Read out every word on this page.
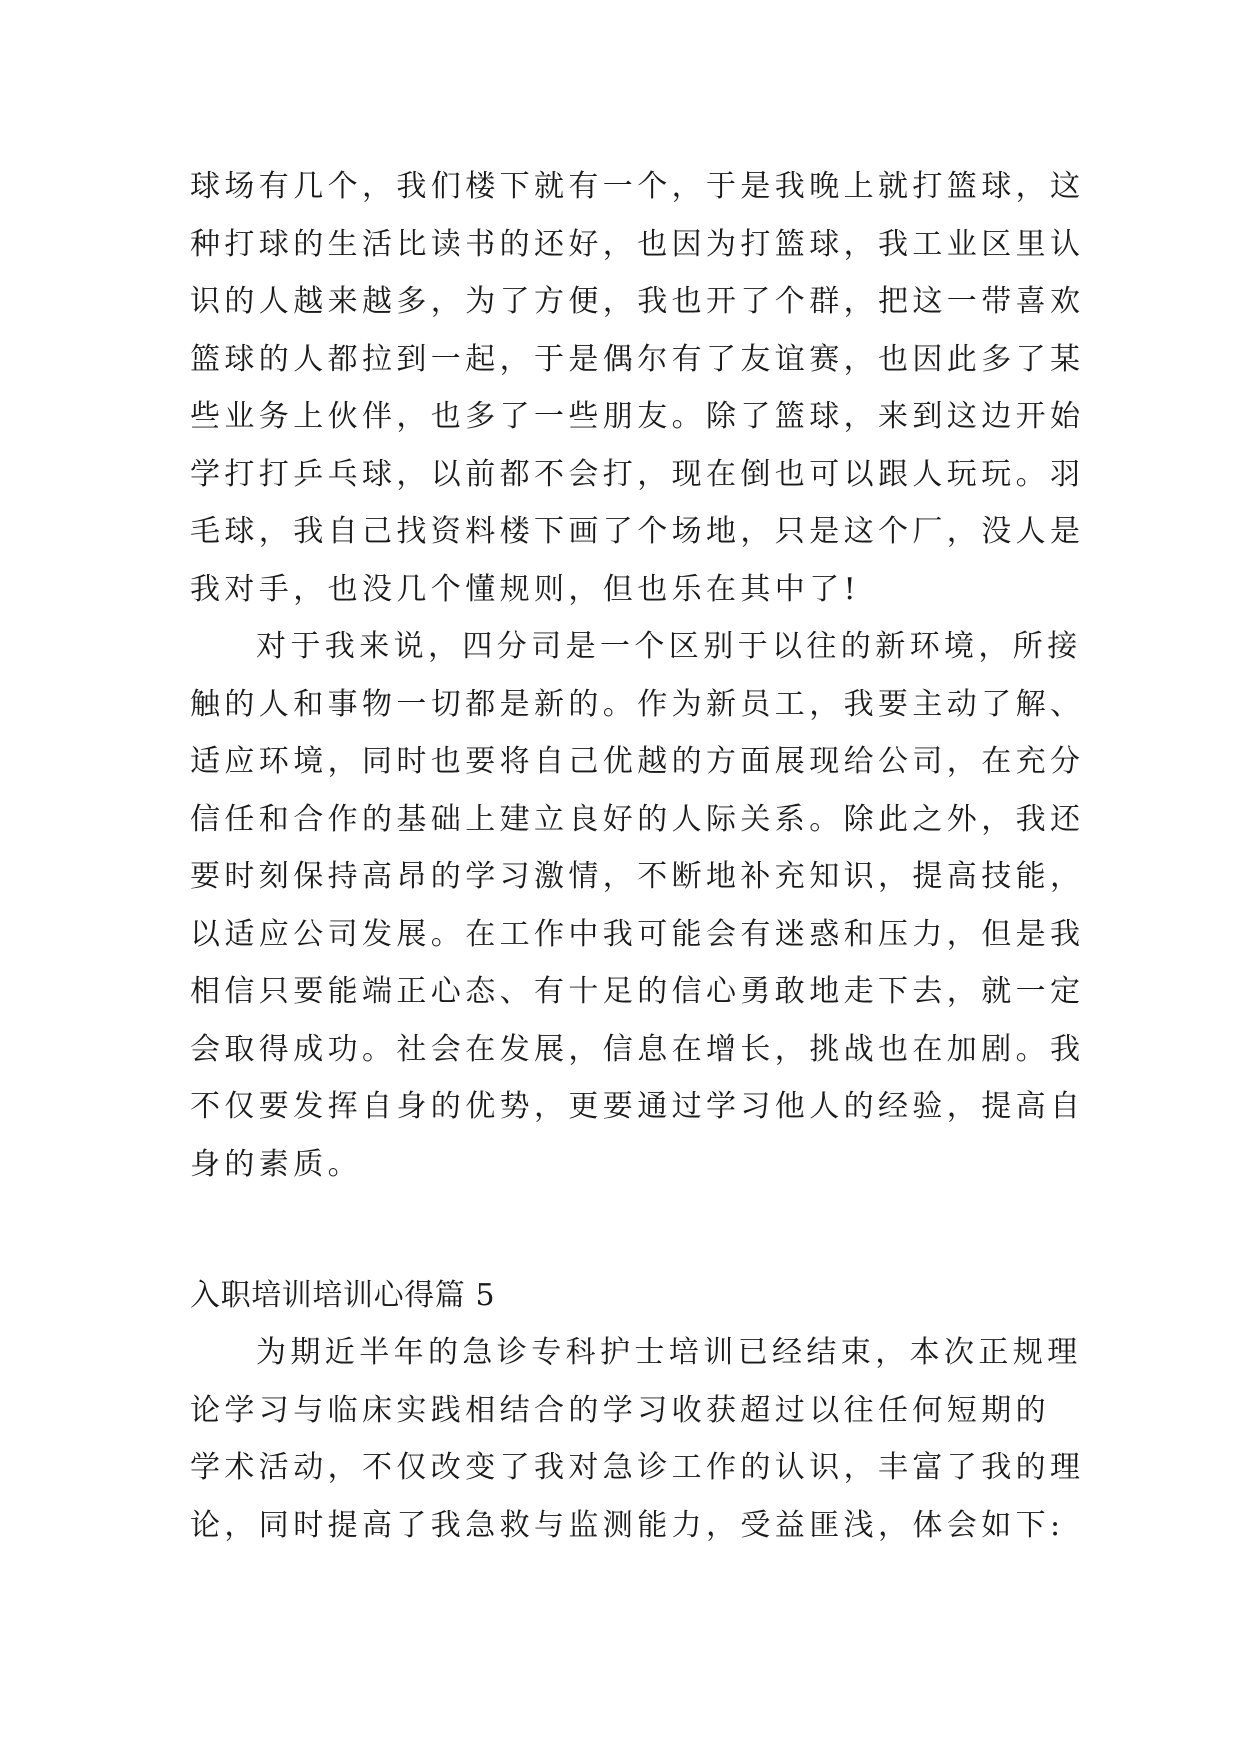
球场有几个，我们楼下就有一个，于是我晚上就打篮球，这
种打球的生活比读书的还好，也因为打篮球，我工业区里认
识的人越来越多，为了方便，我也开了个群，把这一带喜欢
篮球的人都拉到一起，于是偶尔有了友谊赛，也因此多了某
些业务上伙伴，也多了一些朋友。除了篮球，来到这边开始
学打打乒乓球，以前都不会打，现在倒也可以跟人玩玩。羽
毛球，我自己找资料楼下画了个场地，只是这个厂，没人是
我对手，也没几个懂规则，但也乐在其中了!
对于我来说，四分司是一个区别于以往的新环境，所接
触的人和事物一切都是新的。作为新员工，我要主动了解、
适应环境，同时也要将自己优越的方面展现给公司，在充分
信任和合作的基础上建立良好的人际关系。除此之外，我还
要时刻保持高昂的学习激情，不断地补充知识，提高技能，
以适应公司发展。在工作中我可能会有迷惑和压力，但是我
相信只要能端正心态、有十足的信心勇敢地走下去，就一定
会取得成功。社会在发展，信息在增长，挑战也在加剧。我
不仅要发挥自身的优势，更要通过学习他人的经验，提高自
身的素质。
入职培训培训心得篇 5
为期近半年的急诊专科护士培训已经结束，本次正规理
论学习与临床实践相结合的学习收获超过以往任何短期的
学术活动，不仅改变了我对急诊工作的认识，丰富了我的理
论，同时提高了我急救与监测能力，受益匪浅，体会如下:
